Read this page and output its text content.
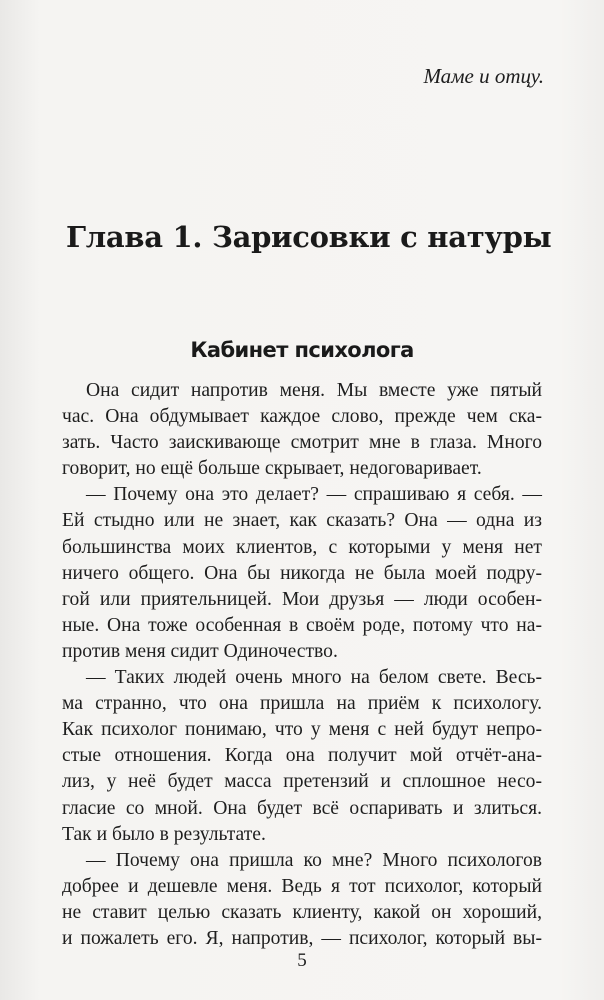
Маме и отцу.
Глава 1. Зарисовки с натуры
Кабинет психолога
Она сидит напротив меня. Мы вместе уже пятый
час. Она обдумывает каждое слово, прежде чем ска-
зать. Часто заискивающе смотрит мне в глаза. Много
говорит, но ещё больше скрывает, недоговаривает.
— Почему она это делает? — спрашиваю я себя. —
Ей стыдно или не знает, как сказать? Она — одна из
большинства моих клиентов, с которыми у меня нет
ничего общего. Она бы никогда не была моей подру-
гой или приятельницей. Мои друзья — люди особен-
ные. Она тоже особенная в своём роде, потому что на-
против меня сидит Одиночество.
— Таких людей очень много на белом свете. Весь-
ма странно, что она пришла на приём к психологу.
Как психолог понимаю, что у меня с ней будут непро-
стые отношения. Когда она получит мой отчёт-ана-
лиз, у неё будет масса претензий и сплошное несо-
гласие со мной. Она будет всё оспаривать и злиться.
Так и было в результате.
— Почему она пришла ко мне? Много психологов
добрее и дешевле меня. Ведь я тот психолог, который
не ставит целью сказать клиенту, какой он хороший,
и пожалеть его. Я, напротив, — психолог, который вы-
5
